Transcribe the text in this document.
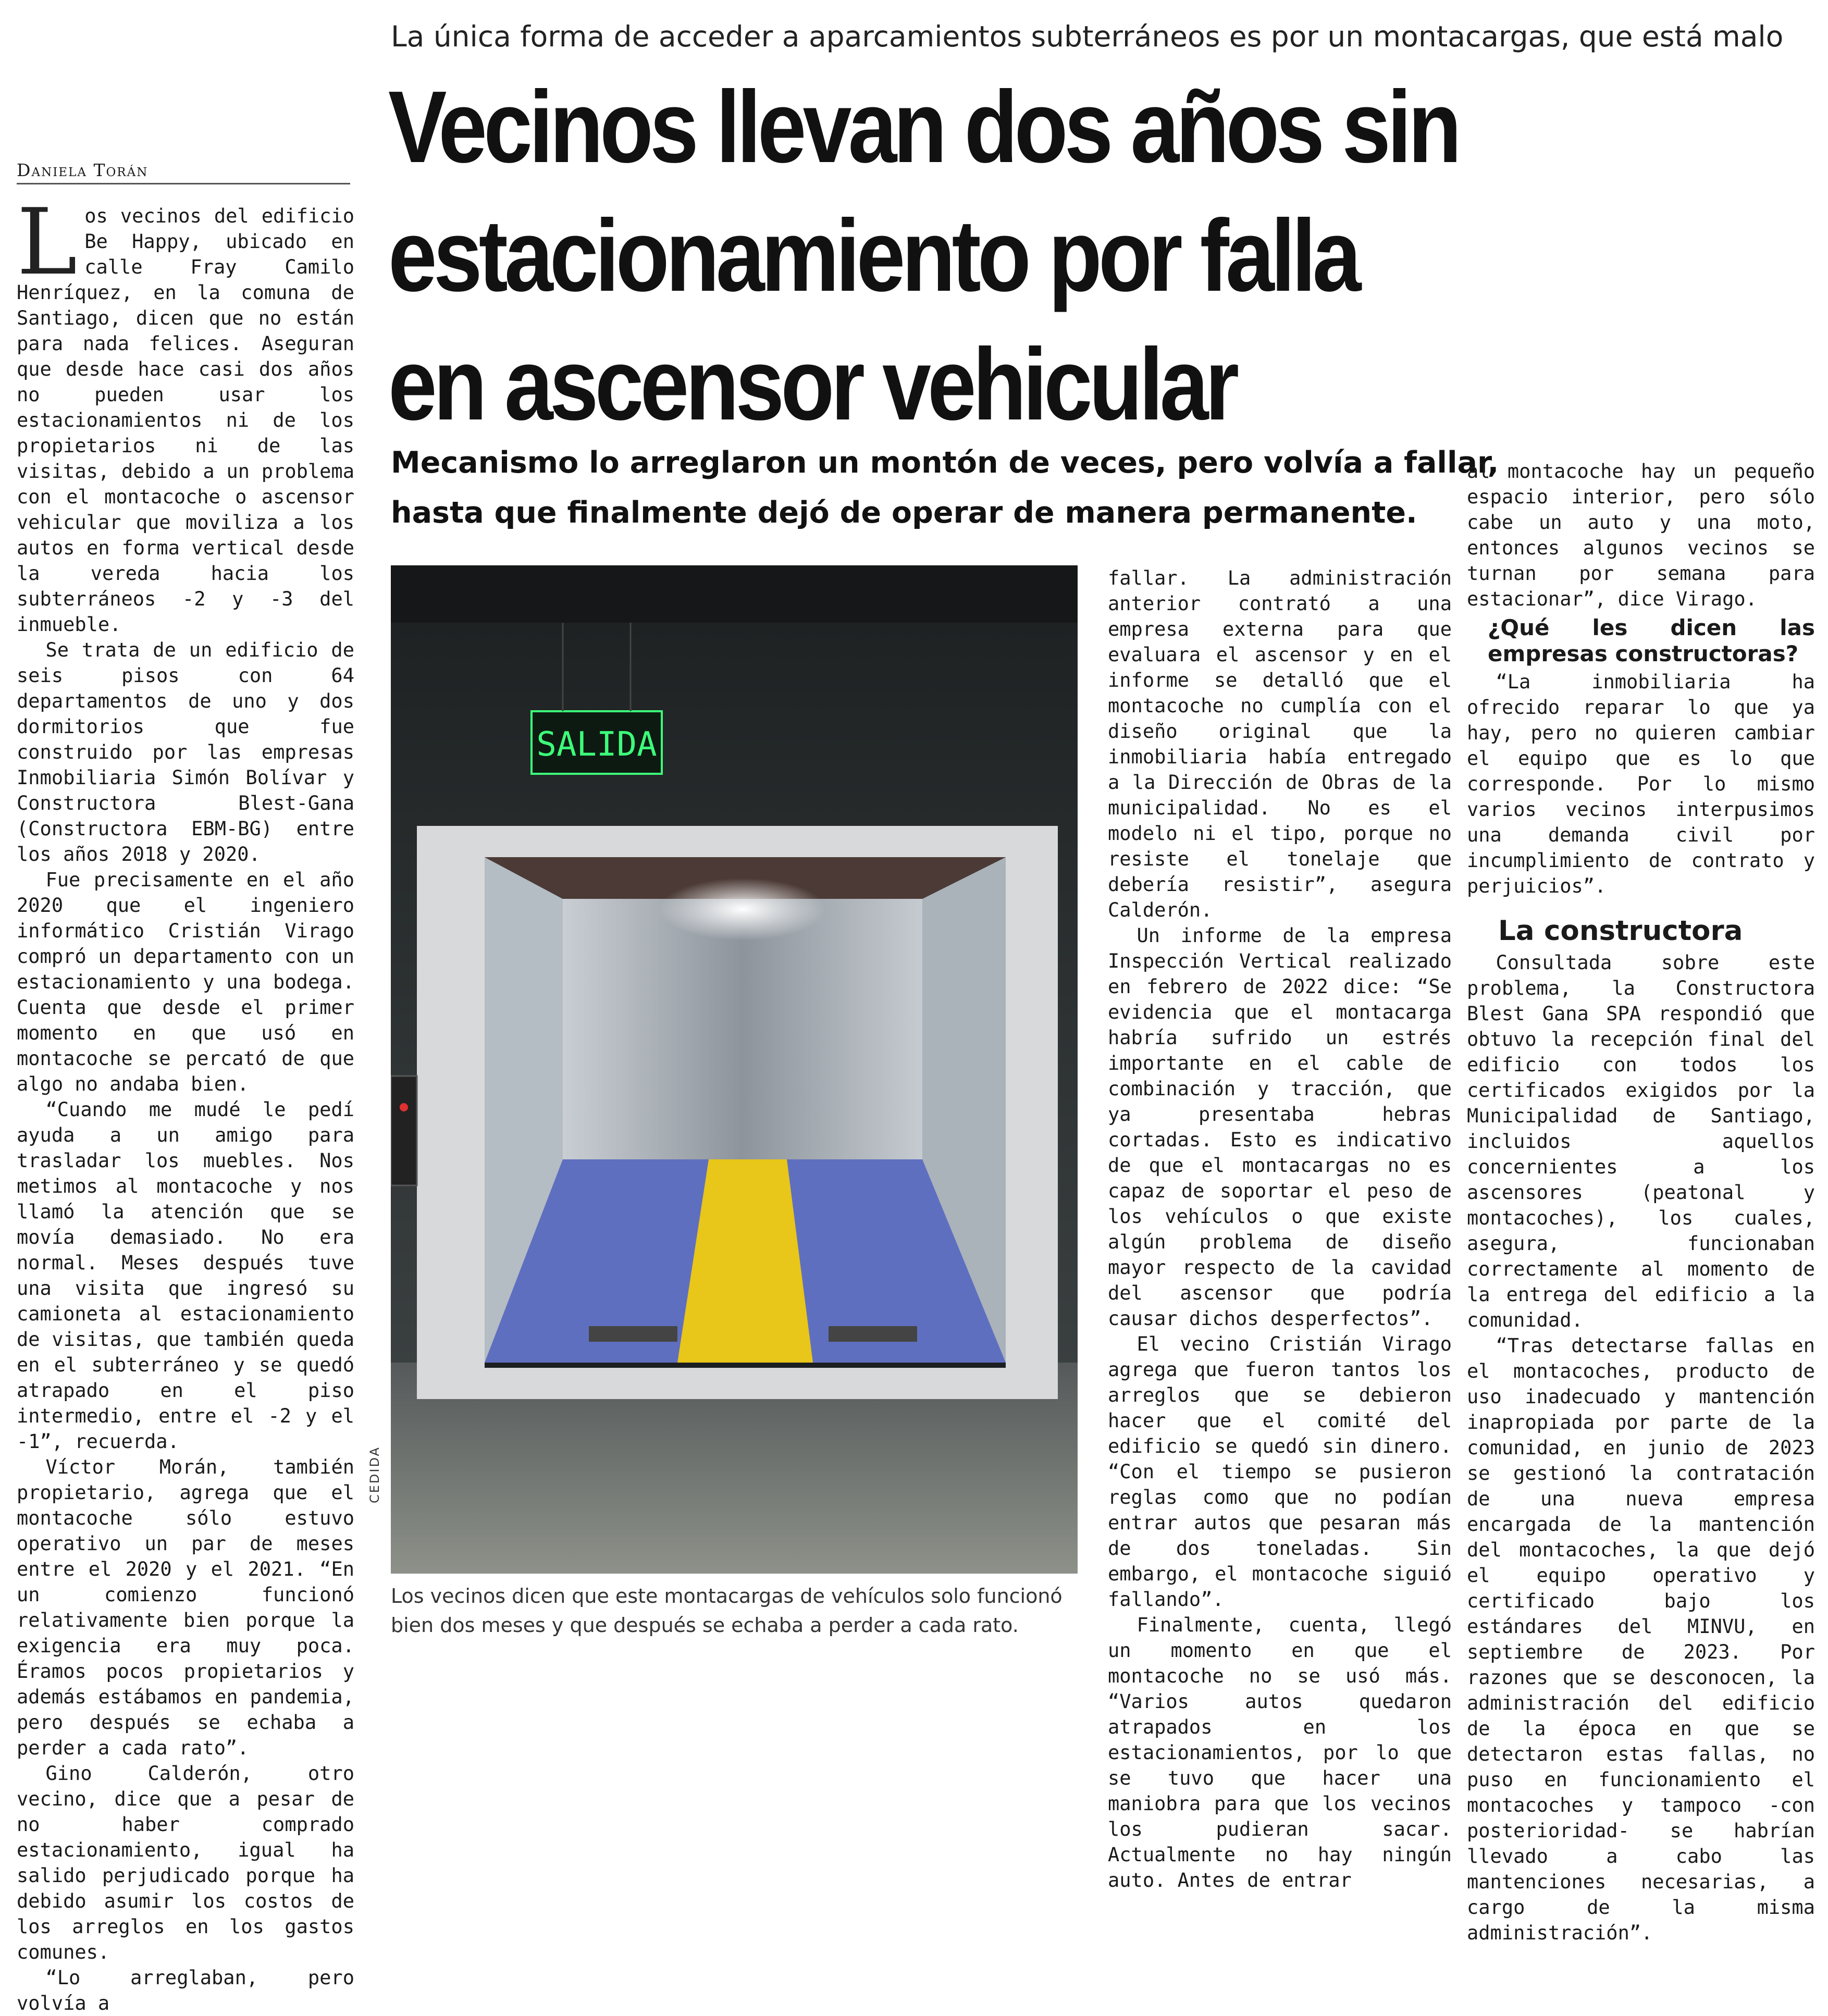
La única forma de acceder a aparcamientos subterráneos es por un montacargas, que está malo
Vecinos llevan dos años sin
estacionamiento por falla
en ascensor vehicular
Mecanismo lo arreglaron un montón de veces, pero volvía a fallar,
hasta que finalmente dejó de operar de manera permanente.
Daniela Torán

Los vecinos del edificio Be Happy, ubicado en calle Fray Camilo Henríquez, en la comuna de Santiago, dicen que no están para nada felices. Aseguran que desde hace casi dos años no pueden usar los estacionamientos ni de los propietarios ni de las visitas, debido a un problema con el montacoche o ascensor vehicular que moviliza a los autos en forma vertical desde la vereda hacia los subterráneos -2 y -3 del inmueble.

Se trata de un edificio de seis pisos con 64 departamentos de uno y dos dormitorios que fue construido por las empresas Inmobiliaria Simón Bolívar y Constructora Blest-Gana (Constructora EBM-BG) entre los años 2018 y 2020.

Fue precisamente en el año 2020 que el ingeniero informático Cristián Virago compró un departamento con un estacionamiento y una bodega. Cuenta que desde el primer momento en que usó en montacoche se percató de que algo no andaba bien.

“Cuando me mudé le pedí ayuda a un amigo para trasladar los muebles. Nos metimos al montacoche y nos llamó la atención que se movía demasiado. No era normal. Meses después tuve una visita que ingresó su camioneta al estacionamiento de visitas, que también queda en el subterráneo y se quedó atrapado en el piso intermedio, entre el -2 y el -1”, recuerda.

Víctor Morán, también propietario, agrega que el montacoche sólo estuvo operativo un par de meses entre el 2020 y el 2021. “En un comienzo funcionó relativamente bien porque la exigencia era muy poca. Éramos pocos propietarios y además estábamos en pandemia, pero después se echaba a perder a cada rato”.

Gino Calderón, otro vecino, dice que a pesar de no haber comprado estacionamiento, igual ha salido perjudicado porque ha debido asumir los costos de los arreglos en los gastos comunes.

“Lo arreglaban, pero volvía a

SALIDA
CEDIDA
Los vecinos dicen que este montacargas de vehículos solo funcionó bien dos meses y que después se echaba a perder a cada rato.

fallar. La administración anterior contrató a una empresa externa para que evaluara el ascensor y en el informe se detalló que el montacoche no cumplía con el diseño original que la inmobiliaria había entregado a la Dirección de Obras de la municipalidad. No es el modelo ni el tipo, porque no resiste el tonelaje que debería resistir”, asegura Calderón.

Un informe de la empresa Inspección Vertical realizado en febrero de 2022 dice: “Se evidencia que el montacarga habría sufrido un estrés importante en el cable de combinación y tracción, que ya presentaba hebras cortadas. Esto es indicativo de que el montacargas no es capaz de soportar el peso de los vehículos o que existe algún problema de diseño mayor respecto de la cavidad del ascensor que podría causar dichos desperfectos”.

El vecino Cristián Virago agrega que fueron tantos los arreglos que se debieron hacer que el comité del edificio se quedó sin dinero. “Con el tiempo se pusieron reglas como que no podían entrar autos que pesaran más de dos toneladas. Sin embargo, el montacoche siguió fallando”.

Finalmente, cuenta, llegó un momento en que el montacoche no se usó más. “Varios autos quedaron atrapados en los estacionamientos, por lo que se tuvo que hacer una maniobra para que los vecinos los pudieran sacar. Actualmente no hay ningún auto. Antes de entrar

al montacoche hay un pequeño espacio interior, pero sólo cabe un auto y una moto, entonces algunos vecinos se turnan por semana para estacionar”, dice Virago.

¿Qué les dicen las empresas constructoras?

“La inmobiliaria ha ofrecido reparar lo que ya hay, pero no quieren cambiar el equipo que es lo que corresponde. Por lo mismo varios vecinos interpusimos una demanda civil por incumplimiento de contrato y perjuicios”.

La constructora

Consultada sobre este problema, la Constructora Blest Gana SPA respondió que obtuvo la recepción final del edificio con todos los certificados exigidos por la Municipalidad de Santiago, incluidos aquellos concernientes a los ascensores (peatonal y montacoches), los cuales, asegura, funcionaban correctamente al momento de la entrega del edificio a la comunidad.

“Tras detectarse fallas en el montacoches, producto de uso inadecuado y mantención inapropiada por parte de la comunidad, en junio de 2023 se gestionó la contratación de una nueva empresa encargada de la mantención del montacoches, la que dejó el equipo operativo y certificado bajo los estándares del MINVU, en septiembre de 2023. Por razones que se desconocen, la administración del edificio de la época en que se detectaron estas fallas, no puso en funcionamiento el montacoches y tampoco -con posterioridad- se habrían llevado a cabo las mantenciones necesarias, a cargo de la misma administración”.
